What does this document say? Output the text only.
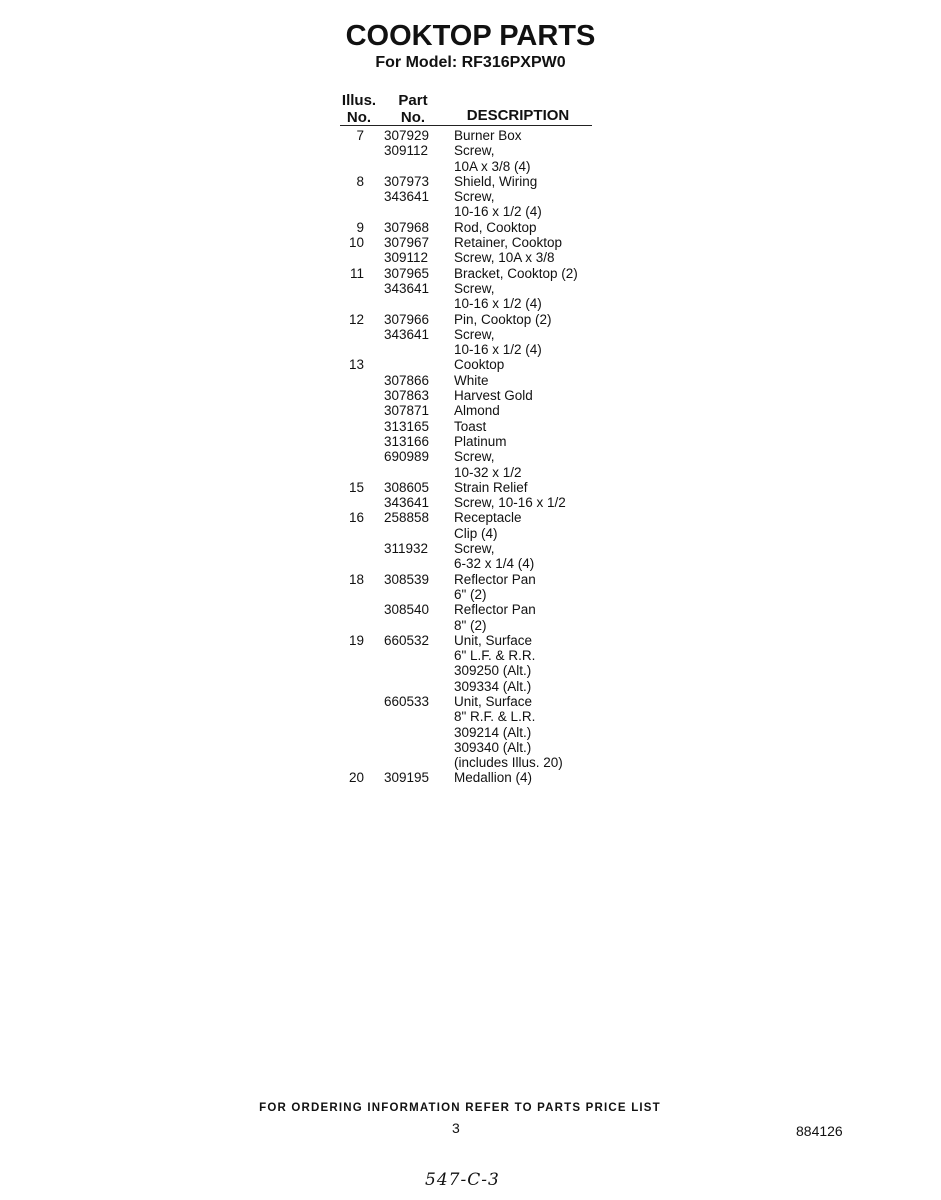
COOKTOP PARTS
For Model: RF316PXPW0
Illus.
No.
Part
No.	DESCRIPTION
7 307929	Burner Box
309112	Screw,
10A x 3/8 (4)
8 307973	Shield, Wiring
343641	Screw,
10-16 x 1/2 (4)
9 307968	Rod, Cooktop
10 307967	Retainer, Cooktop
309112	Screw, 10A x 3/8
11 307965	Bracket, Cooktop (2)
343641	Screw,
10-16 x 1/2 (4)
12 307966	Pin, Cooktop (2)
343641	Screw,
10-16 x 1/2 (4)
13	Cooktop
307866	White
307863	Harvest Gold
307871	Almond
313165	Toast
313166	Platinum
690989	Screw,
10-32 x 1/2
15 308605	Strain Relief
343641	Screw, 10-16 x 1/2
16 258858	Receptacle
Clip (4)
311932	Screw,
6-32 x 1/4 (4)
18 308539	Reflector Pan
6" (2)
308540	Reflector Pan
8" (2)
19 660532	Unit, Surface
6" L.F. & R.R.
309250 (Alt.)
309334 (Alt.)
660533	Unit, Surface
8" R.F. & L.R.
309214 (Alt.)
309340 (Alt.)
(includes Illus. 20)
20 309195	Medallion (4)
FOR ORDERING INFORMATION REFER TO PARTS PRICE LIST
3	884126
547-C-3
